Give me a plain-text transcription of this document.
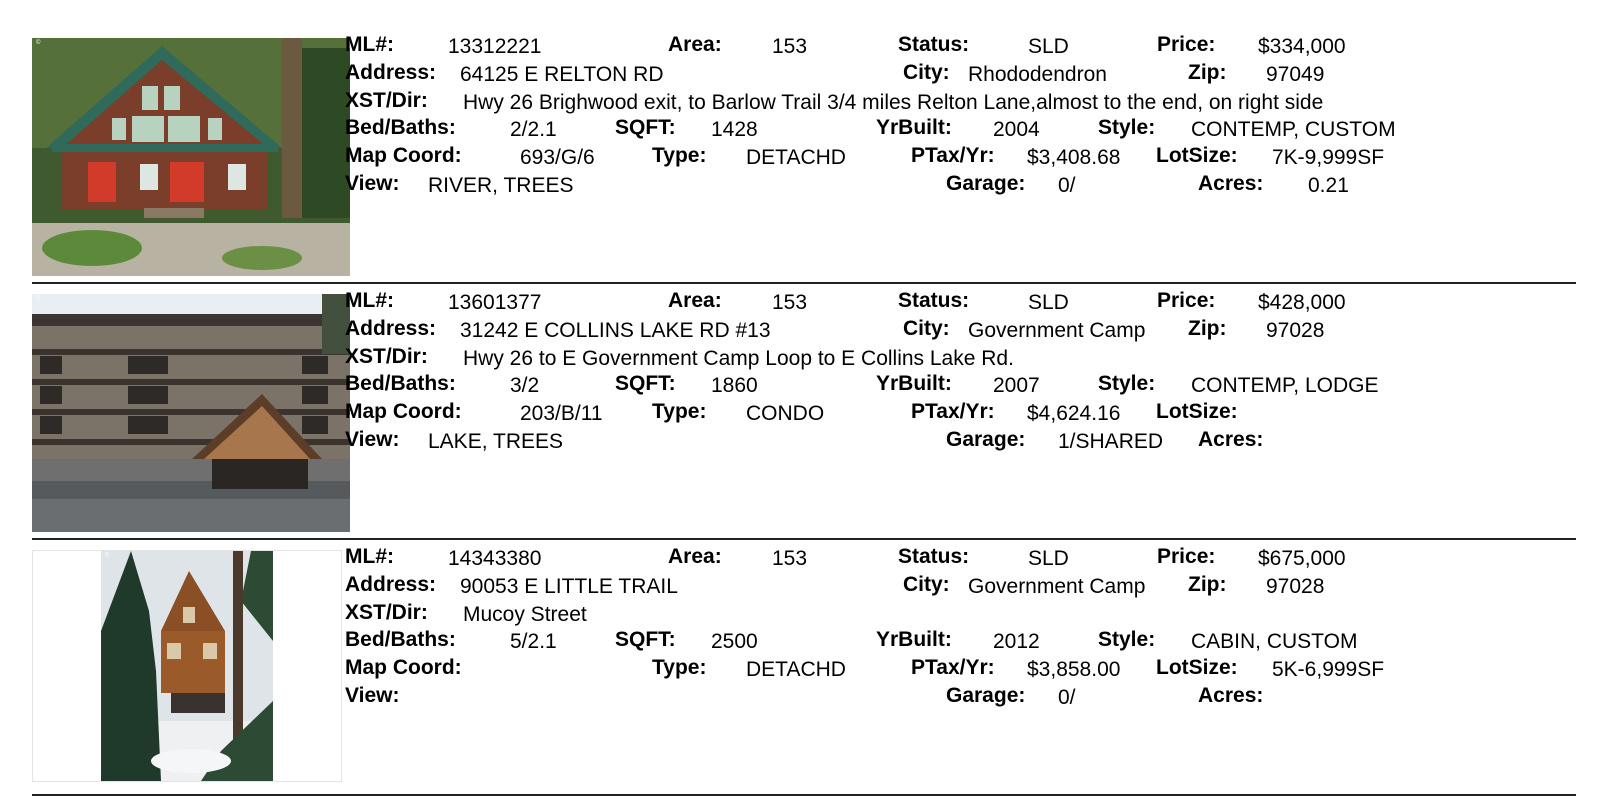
©	ML#:	13312221	Area: 153	Status:	SLD	Price: $334,000
Address: 64125 E RELTON RD	City: Rhododendron	Zip: 97049
XST/Dir: Hwy 26 Brighwood exit, to Barlow Trail 3/4 miles Relton Lane,almost to the end, on right side
Bed/Baths:	2/2.1	SQFT: 1428	YrBuilt: 2004	Style: CONTEMP, CUSTOM
Map Coord:	693/G/6	Type: DETACHD	PTax/Yr: $3,408.68 LotSize: 7K-9,999SF
View: RIVER, TREES	Garage: 0/	Acres: 0.21
©	ML#:	13601377	Area: 153	Status:	SLD	Price: $428,000
Address: 31242 E COLLINS LAKE RD #13	City: Government Camp Zip: 97028
XST/Dir: Hwy 26 to E Government Camp Loop to E Collins Lake Rd.
Bed/Baths:	3/2	SQFT: 1860	YrBuilt: 2007	Style: CONTEMP, LODGE
Map Coord:	203/B/11 Type: CONDO	PTax/Yr: $4,624.16 LotSize:
View: LAKE, TREES	Garage: 1/SHARED Acres:
©	ML#:	14343380	Area: 153	Status:	SLD	Price: $675,000
Address: 90053 E LITTLE TRAIL	City: Government Camp Zip: 97028
XST/Dir: Mucoy Street
Bed/Baths:	5/2.1	SQFT: 2500	YrBuilt: 2012	Style: CABIN, CUSTOM
Map Coord:	Type: DETACHD	PTax/Yr: $3,858.00 LotSize: 5K-6,999SF
View:	Garage: 0/	Acres:
